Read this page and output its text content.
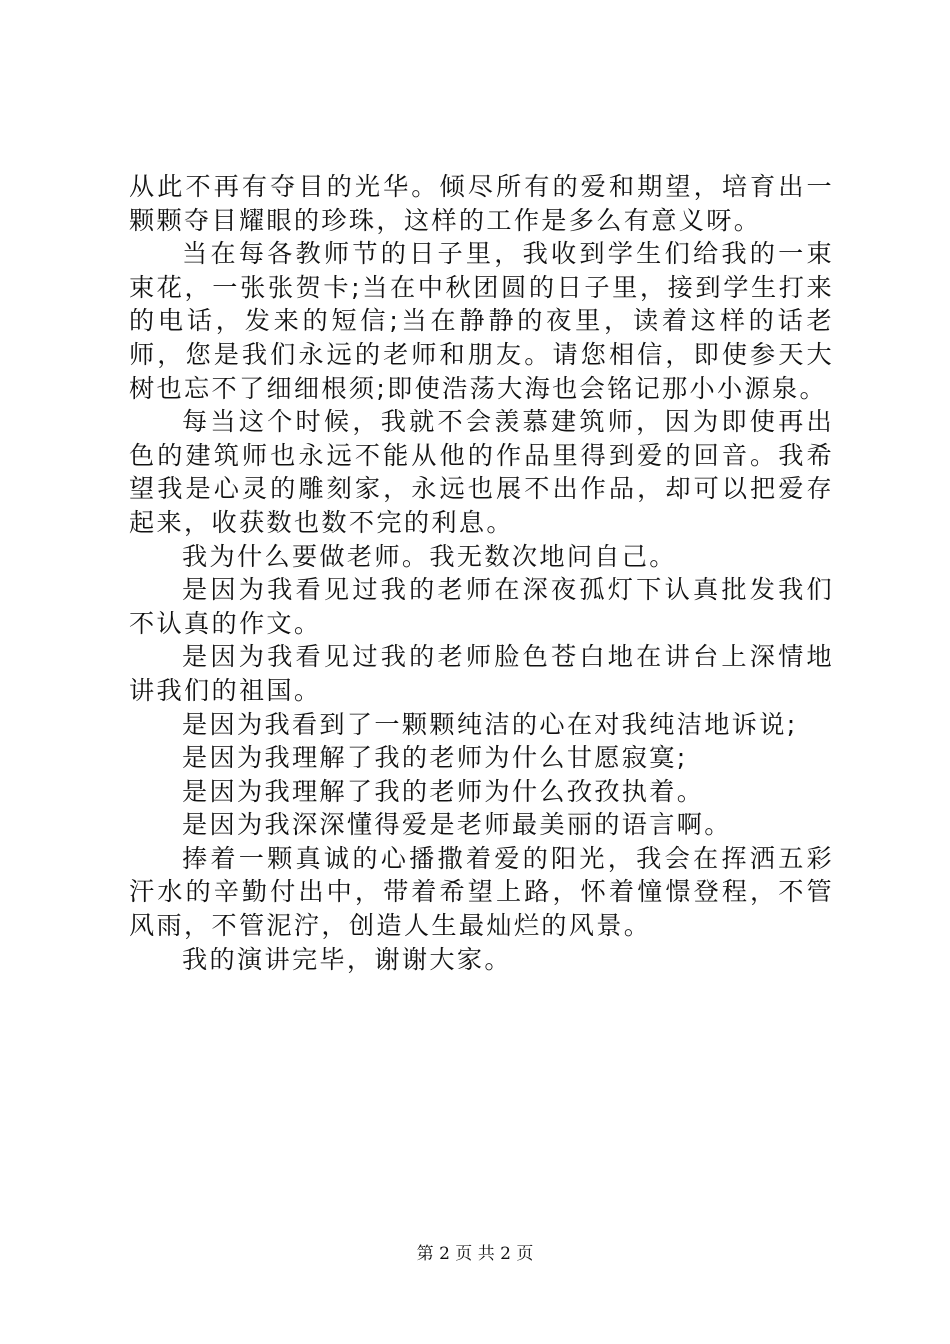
从此不再有夺目的光华。倾尽所有的爱和期望，培育出一颗颗夺目耀眼的珍珠，这样的工作是多么有意义呀。

当在每各教师节的日子里，我收到学生们给我的一束束花，一张张贺卡;当在中秋团圆的日子里，接到学生打来的电话，发来的短信;当在静静的夜里，读着这样的话老师，您是我们永远的老师和朋友。请您相信，即使参天大树也忘不了细细根须;即使浩荡大海也会铭记那小小源泉。

每当这个时候，我就不会羡慕建筑师，因为即使再出色的建筑师也永远不能从他的作品里得到爱的回音。我希望我是心灵的雕刻家，永远也展不出作品，却可以把爱存起来，收获数也数不完的利息。

我为什么要做老师。我无数次地问自己。

是因为我看见过我的老师在深夜孤灯下认真批发我们不认真的作文。

是因为我看见过我的老师脸色苍白地在讲台上深情地讲我们的祖国。

是因为我看到了一颗颗纯洁的心在对我纯洁地诉说;

是因为我理解了我的老师为什么甘愿寂寞;

是因为我理解了我的老师为什么孜孜执着。

是因为我深深懂得爱是老师最美丽的语言啊。

捧着一颗真诚的心播撒着爱的阳光，我会在挥洒五彩汗水的辛勤付出中，带着希望上路，怀着憧憬登程，不管风雨，不管泥泞，创造人生最灿烂的风景。

我的演讲完毕，谢谢大家。

第 2 页 共 2 页
